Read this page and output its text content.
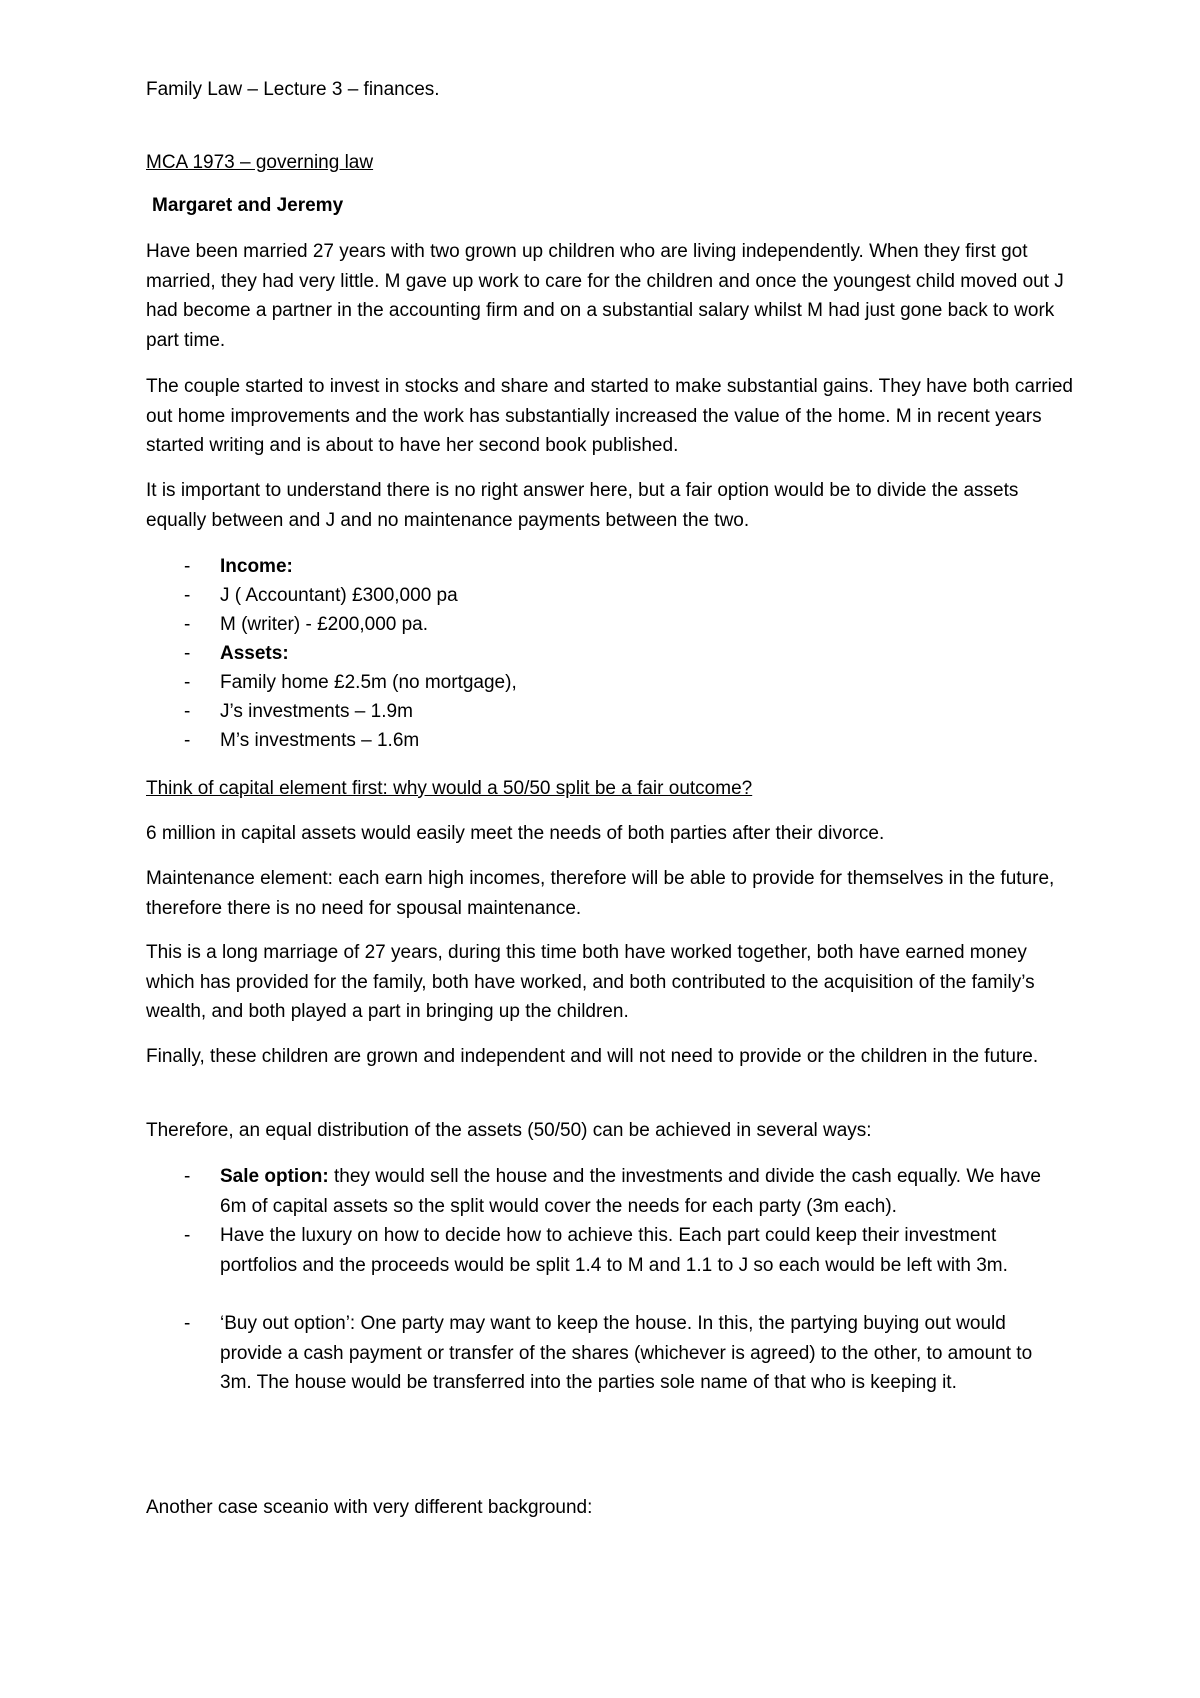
Family Law – Lecture 3 – finances.

MCA 1973 – governing law

Margaret and Jeremy

Have been married 27 years with two grown up children who are living independently. When they first got married, they had very little. M gave up work to care for the children and once the youngest child moved out J had become a partner in the accounting firm and on a substantial salary whilst M had just gone back to work part time.

The couple started to invest in stocks and share and started to make substantial gains. They have both carried out home improvements and the work has substantially increased the value of the home. M in recent years started writing and is about to have her second book published.

It is important to understand there is no right answer here, but a fair option would be to divide the assets equally between and J and no maintenance payments between the two.

- Income:
- J ( Accountant) £300,000 pa
- M (writer) - £200,000 pa.
- Assets:
- Family home £2.5m (no mortgage),
- J’s investments – 1.9m
- M’s investments – 1.6m

Think of capital element first: why would a 50/50 split be a fair outcome?

6 million in capital assets would easily meet the needs of both parties after their divorce.

Maintenance element: each earn high incomes, therefore will be able to provide for themselves in the future, therefore there is no need for spousal maintenance.

This is a long marriage of 27 years, during this time both have worked together, both have earned money which has provided for the family, both have worked, and both contributed to the acquisition of the family’s wealth, and both played a part in bringing up the children.

Finally, these children are grown and independent and will not need to provide or the children in the future.

Therefore, an equal distribution of the assets (50/50) can be achieved in several ways:

- Sale option: they would sell the house and the investments and divide the cash equally. We have 6m of capital assets so the split would cover the needs for each party (3m each).
- Have the luxury on how to decide how to achieve this. Each part could keep their investment portfolios and the proceeds would be split 1.4 to M and 1.1 to J so each would be left with 3m.
- ‘Buy out option’: One party may want to keep the house. In this, the partying buying out would provide a cash payment or transfer of the shares (whichever is agreed) to the other, to amount to 3m. The house would be transferred into the parties sole name of that who is keeping it.

Another case sceanio with very different background:
